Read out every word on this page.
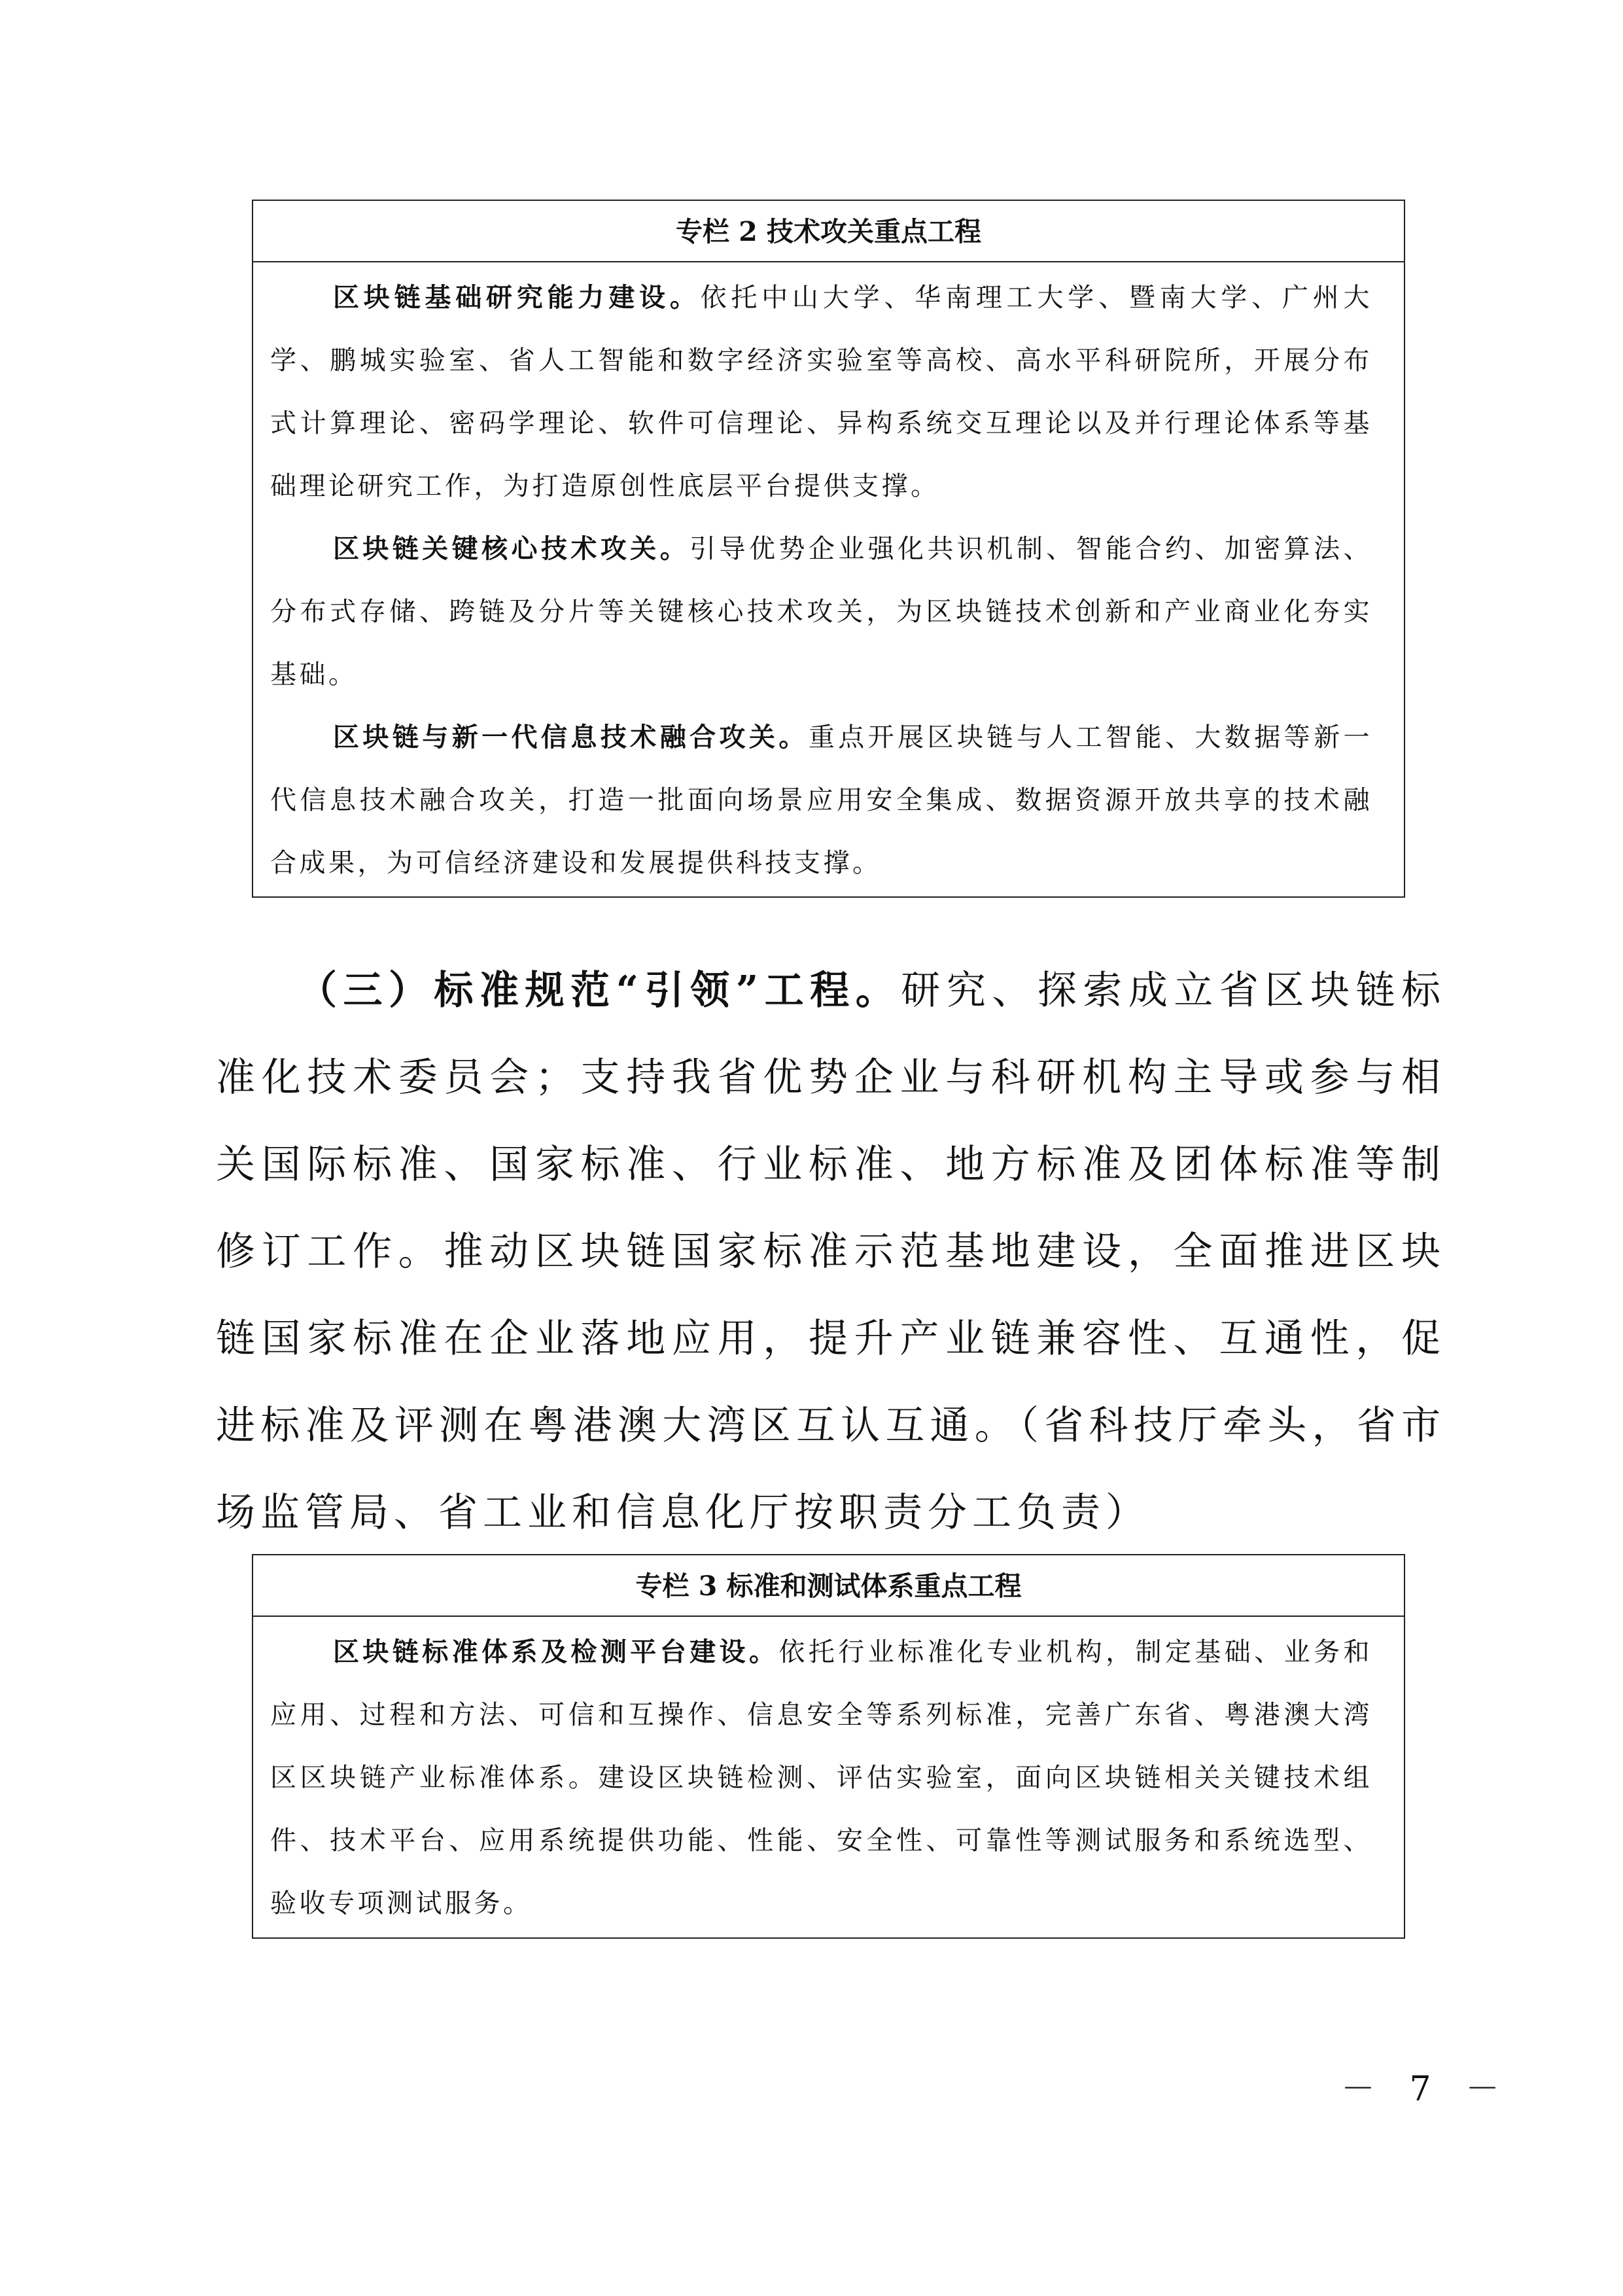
专栏 2 技术攻关重点工程

区块链基础研究能力建设。依托中山大学、华南理工大学、暨南大学、广州大学、鹏城实验室、省人工智能和数字经济实验室等高校、高水平科研院所，开展分布式计算理论、密码学理论、软件可信理论、异构系统交互理论以及并行理论体系等基础理论研究工作，为打造原创性底层平台提供支撑。

区块链关键核心技术攻关。引导优势企业强化共识机制、智能合约、加密算法、分布式存储、跨链及分片等关键核心技术攻关，为区块链技术创新和产业商业化夯实基础。

区块链与新一代信息技术融合攻关。重点开展区块链与人工智能、大数据等新一代信息技术融合攻关，打造一批面向场景应用安全集成、数据资源开放共享的技术融合成果，为可信经济建设和发展提供科技支撑。

（三）标准规范“引领”工程。研究、探索成立省区块链标准化技术委员会；支持我省优势企业与科研机构主导或参与相关国际标准、国家标准、行业标准、地方标准及团体标准等制修订工作。推动区块链国家标准示范基地建设，全面推进区块链国家标准在企业落地应用，提升产业链兼容性、互通性，促进标准及评测在粤港澳大湾区互认互通。（省科技厅牵头，省市场监管局、省工业和信息化厅按职责分工负责）

专栏 3 标准和测试体系重点工程

区块链标准体系及检测平台建设。依托行业标准化专业机构，制定基础、业务和应用、过程和方法、可信和互操作、信息安全等系列标准，完善广东省、粤港澳大湾区区块链产业标准体系。建设区块链检测、评估实验室，面向区块链相关关键技术组件、技术平台、应用系统提供功能、性能、安全性、可靠性等测试服务和系统选型、验收专项测试服务。

－ 7 －
